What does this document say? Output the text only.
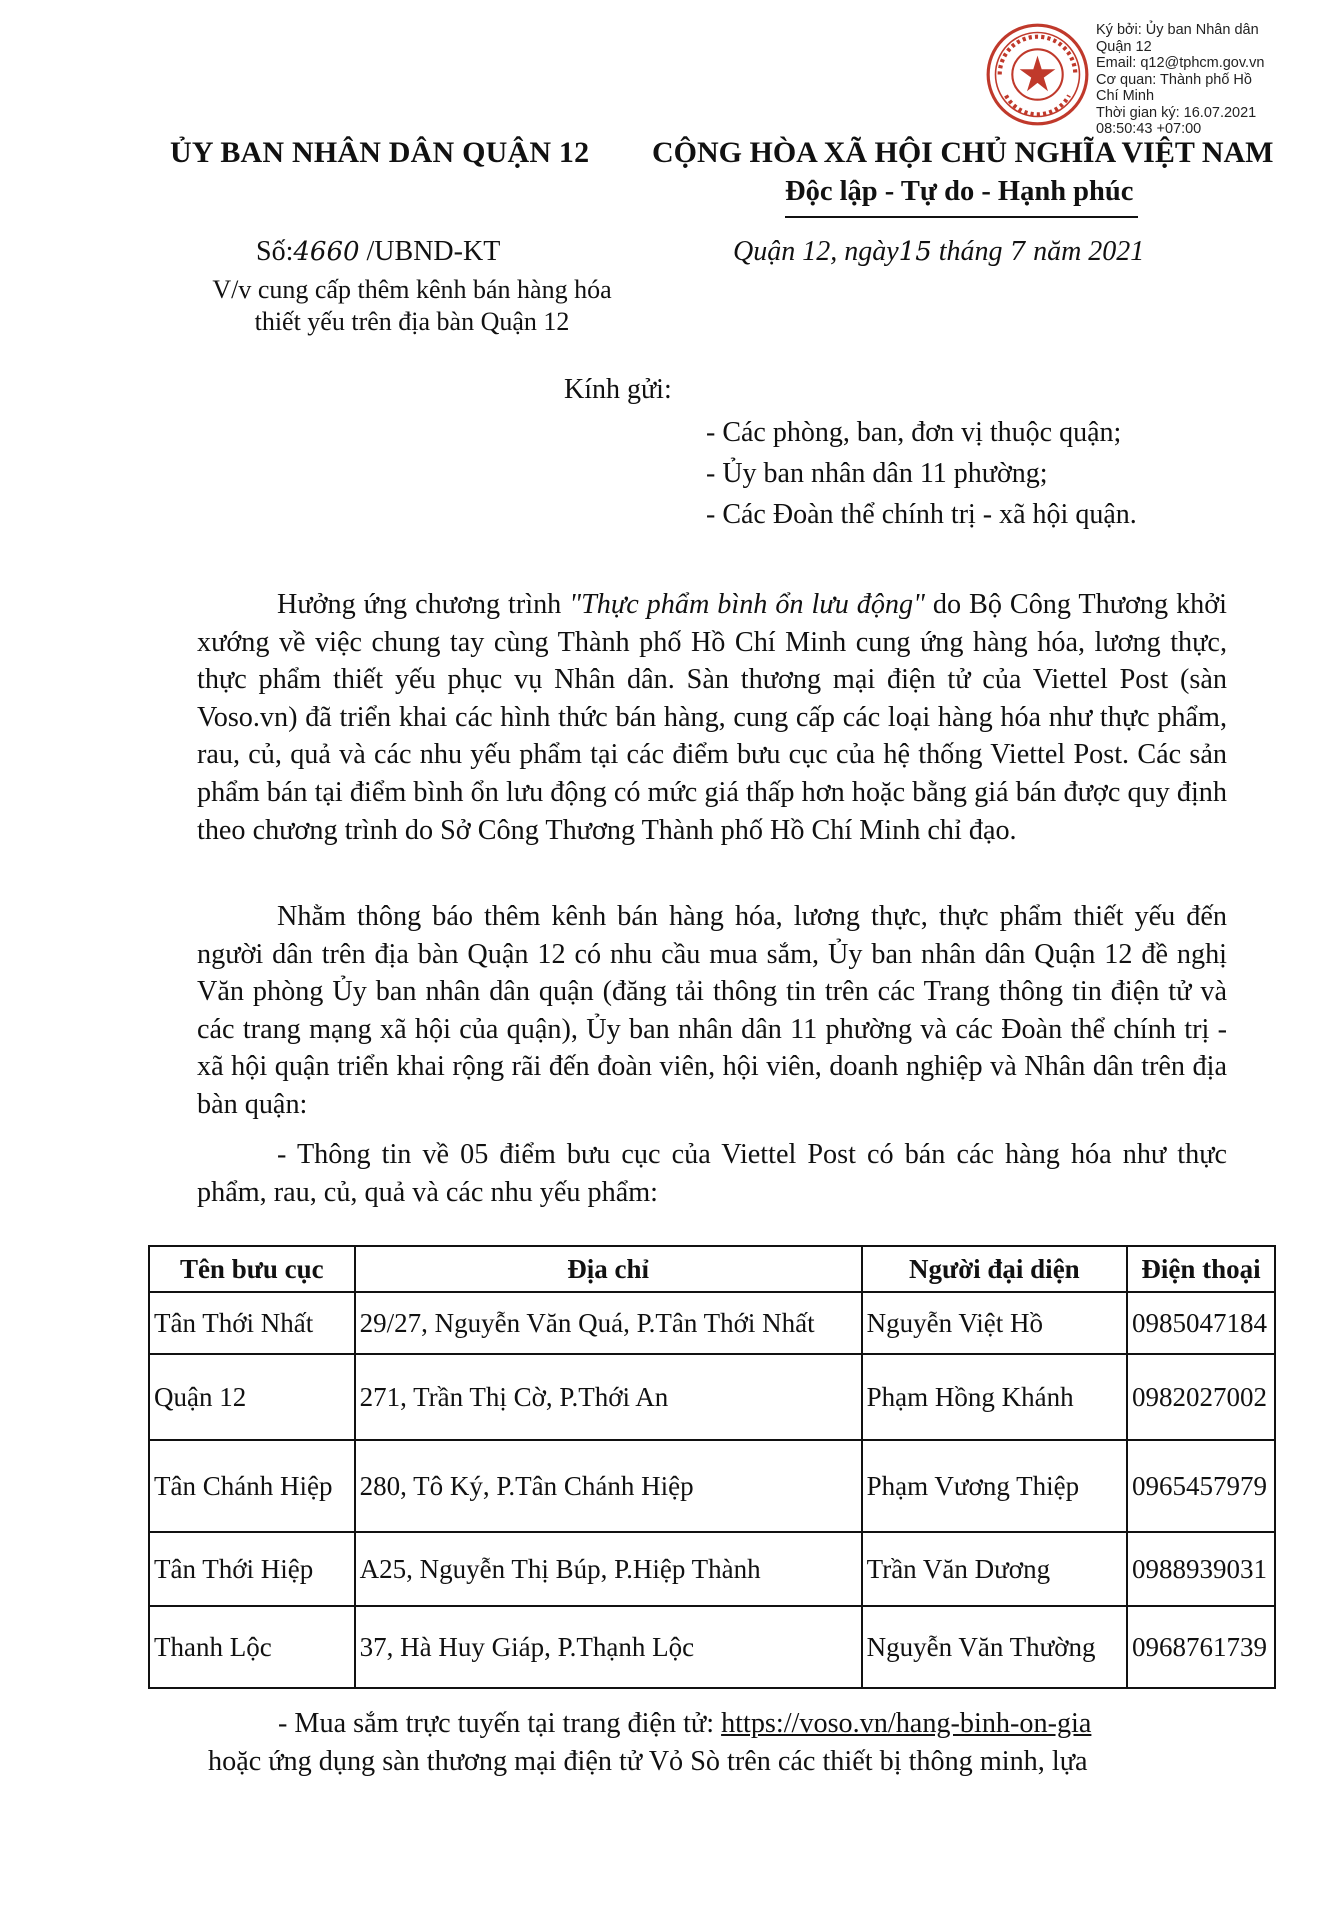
Ký bởi: Ủy ban Nhân dân
Quận 12
Email: q12@tphcm.gov.vn
Cơ quan: Thành phố Hồ
Chí Minh
Thời gian ký: 16.07.2021
08:50:43 +07:00
ỦY BAN NHÂN DÂN QUẬN 12 CỘNG HÒA XÃ HỘI CHỦ NGHĨA VIỆT NAM
Độc lập - Tự do - Hạnh phúc
Số:4660 /UBND-KT
V/v cung cấp thêm kênh bán hàng hóa
thiết yếu trên địa bàn Quận 12
Quận 12, ngày15 tháng 7 năm 2021
Kính gửi:
- Các phòng, ban, đơn vị thuộc quận;
- Ủy ban nhân dân 11 phường;
- Các Đoàn thể chính trị - xã hội quận.
Hưởng ứng chương trình "Thực phẩm bình ổn lưu động" do Bộ Công Thương khởi xướng về việc chung tay cùng Thành phố Hồ Chí Minh cung ứng hàng hóa, lương thực, thực phẩm thiết yếu phục vụ Nhân dân. Sàn thương mại điện tử của Viettel Post (sàn Voso.vn) đã triển khai các hình thức bán hàng, cung cấp các loại hàng hóa như thực phẩm, rau, củ, quả và các nhu yếu phẩm tại các điểm bưu cục của hệ thống Viettel Post. Các sản phẩm bán tại điểm bình ổn lưu động có mức giá thấp hơn hoặc bằng giá bán được quy định theo chương trình do Sở Công Thương Thành phố Hồ Chí Minh chỉ đạo.
Nhằm thông báo thêm kênh bán hàng hóa, lương thực, thực phẩm thiết yếu đến người dân trên địa bàn Quận 12 có nhu cầu mua sắm, Ủy ban nhân dân Quận 12 đề nghị Văn phòng Ủy ban nhân dân quận (đăng tải thông tin trên các Trang thông tin điện tử và các trang mạng xã hội của quận), Ủy ban nhân dân 11 phường và các Đoàn thể chính trị - xã hội quận triển khai rộng rãi đến đoàn viên, hội viên, doanh nghiệp và Nhân dân trên địa bàn quận:
- Thông tin về 05 điểm bưu cục của Viettel Post có bán các hàng hóa như thực phẩm, rau, củ, quả và các nhu yếu phẩm:
Tên bưu cục	Địa chỉ	Người đại diện	Điện thoại
Tân Thới Nhất	29/27, Nguyễn Văn Quá, P.Tân Thới Nhất	Nguyễn Việt Hồ	0985047184
Quận 12	271, Trần Thị Cờ, P.Thới An	Phạm Hồng Khánh	0982027002
Tân Chánh Hiệp	280, Tô Ký, P.Tân Chánh Hiệp	Phạm Vương Thiệp	0965457979
Tân Thới Hiệp	A25, Nguyễn Thị Búp, P.Hiệp Thành	Trần Văn Dương	0988939031
Thanh Lộc	37, Hà Huy Giáp, P.Thạnh Lộc	Nguyễn Văn Thường	0968761739
- Mua sắm trực tuyến tại trang điện tử: https://voso.vn/hang-binh-on-gia
hoặc ứng dụng sàn thương mại điện tử Vỏ Sò trên các thiết bị thông minh, lựa
